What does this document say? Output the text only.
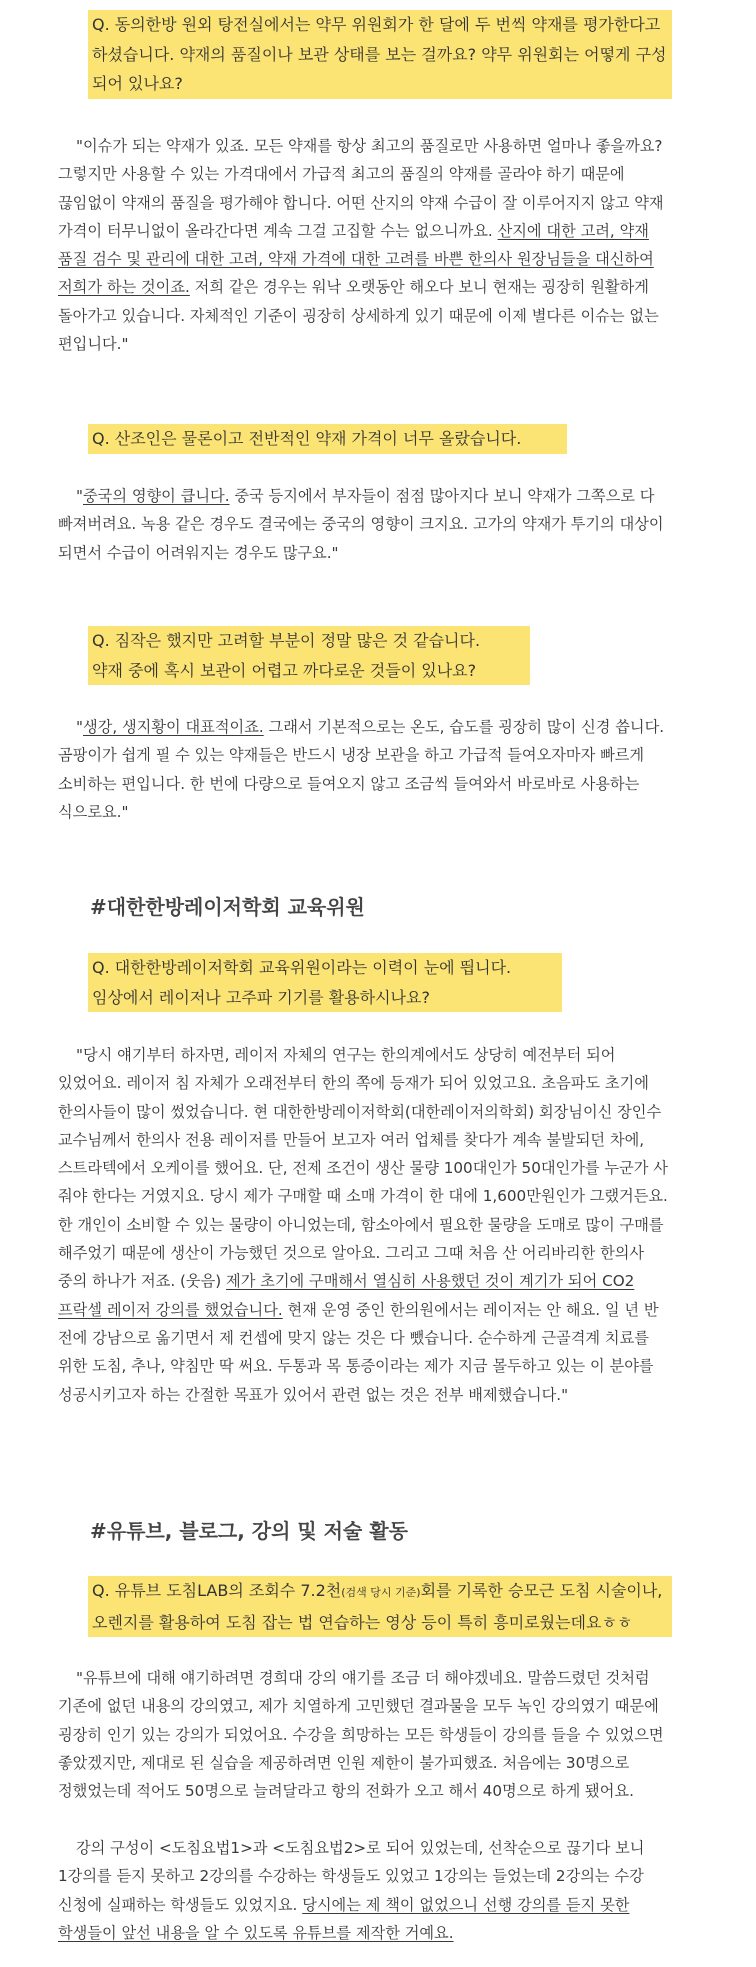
Q. 동의한방 원외 탕전실에서는 약무 위원회가 한 달에 두 번씩 약재를 평가한다고
하셨습니다. 약재의 품질이나 보관 상태를 보는 걸까요? 약무 위원회는 어떻게 구성
되어 있나요?

"이슈가 되는 약재가 있죠. 모든 약재를 항상 최고의 품질로만 사용하면 얼마나 좋을까요? 그렇지만 사용할 수 있는 가격대에서 가급적 최고의 품질의 약재를 골라야 하기 때문에 끊임없이 약재의 품질을 평가해야 합니다. 어떤 산지의 약재 수급이 잘 이루어지지 않고 약재 가격이 터무니없이 올라간다면 계속 그걸 고집할 수는 없으니까요. 산지에 대한 고려, 약재 품질 검수 및 관리에 대한 고려, 약재 가격에 대한 고려를 바쁜 한의사 원장님들을 대신하여 저희가 하는 것이죠. 저희 같은 경우는 워낙 오랫동안 해오다 보니 현재는 굉장히 원활하게 돌아가고 있습니다. 자체적인 기준이 굉장히 상세하게 있기 때문에 이제 별다른 이슈는 없는 편입니다."

Q. 산조인은 물론이고 전반적인 약재 가격이 너무 올랐습니다.

"중국의 영향이 큽니다. 중국 등지에서 부자들이 점점 많아지다 보니 약재가 그쪽으로 다 빠져버려요. 녹용 같은 경우도 결국에는 중국의 영향이 크지요. 고가의 약재가 투기의 대상이 되면서 수급이 어려워지는 경우도 많구요."

Q. 짐작은 했지만 고려할 부분이 정말 많은 것 같습니다.
약재 중에 혹시 보관이 어렵고 까다로운 것들이 있나요?

"생강, 생지황이 대표적이죠. 그래서 기본적으로는 온도, 습도를 굉장히 많이 신경 씁니다. 곰팡이가 쉽게 필 수 있는 약재들은 반드시 냉장 보관을 하고 가급적 들여오자마자 빠르게 소비하는 편입니다. 한 번에 다량으로 들여오지 않고 조금씩 들여와서 바로바로 사용하는 식으로요."

#대한한방레이저학회 교육위원
Q. 대한한방레이저학회 교육위원이라는 이력이 눈에 띕니다.
임상에서 레이저나 고주파 기기를 활용하시나요?

"당시 얘기부터 하자면, 레이저 자체의 연구는 한의계에서도 상당히 예전부터 되어 있었어요. 레이저 침 자체가 오래전부터 한의 쪽에 등재가 되어 있었고요. 초음파도 초기에 한의사들이 많이 썼었습니다. 현 대한한방레이저학회(대한레이저의학회) 회장님이신 장인수 교수님께서 한의사 전용 레이저를 만들어 보고자 여러 업체를 찾다가 계속 불발되던 차에, 스트라텍에서 오케이를 했어요. 단, 전제 조건이 생산 물량 100대인가 50대인가를 누군가 사 줘야 한다는 거였지요. 당시 제가 구매할 때 소매 가격이 한 대에 1,600만원인가 그랬거든요. 한 개인이 소비할 수 있는 물량이 아니었는데, 함소아에서 필요한 물량을 도매로 많이 구매를 해주었기 때문에 생산이 가능했던 것으로 알아요. 그리고 그때 처음 산 어리바리한 한의사 중의 하나가 저죠. (웃음) 제가 초기에 구매해서 열심히 사용했던 것이 계기가 되어 CO2 프락셀 레이저 강의를 했었습니다. 현재 운영 중인 한의원에서는 레이저는 안 해요. 일 년 반 전에 강남으로 옮기면서 제 컨셉에 맞지 않는 것은 다 뺐습니다. 순수하게 근골격계 치료를 위한 도침, 추나, 약침만 딱 써요. 두통과 목 통증이라는 제가 지금 몰두하고 있는 이 분야를 성공시키고자 하는 간절한 목표가 있어서 관련 없는 것은 전부 배제했습니다."

#유튜브, 블로그, 강의 및 저술 활동
Q. 유튜브 도침LAB의 조회수 7.2천(검색 당시 기준)회를 기록한 승모근 도침 시술이나,
오렌지를 활용하여 도침 잡는 법 연습하는 영상 등이 특히 흥미로웠는데요ㅎㅎ

"유튜브에 대해 얘기하려면 경희대 강의 얘기를 조금 더 해야겠네요. 말씀드렸던 것처럼 기존에 없던 내용의 강의였고, 제가 치열하게 고민했던 결과물을 모두 녹인 강의였기 때문에 굉장히 인기 있는 강의가 되었어요. 수강을 희망하는 모든 학생들이 강의를 들을 수 있었으면 좋았겠지만, 제대로 된 실습을 제공하려면 인원 제한이 불가피했죠. 처음에는 30명으로 정했었는데 적어도 50명으로 늘려달라고 항의 전화가 오고 해서 40명으로 하게 됐어요.

강의 구성이 <도침요법1>과 <도침요법2>로 되어 있었는데, 선착순으로 끊기다 보니 1강의를 듣지 못하고 2강의를 수강하는 학생들도 있었고 1강의는 들었는데 2강의는 수강 신청에 실패하는 학생들도 있었지요. 당시에는 제 책이 없었으니 선행 강의를 듣지 못한 학생들이 앞선 내용을 알 수 있도록 유튜브를 제작한 거예요.
